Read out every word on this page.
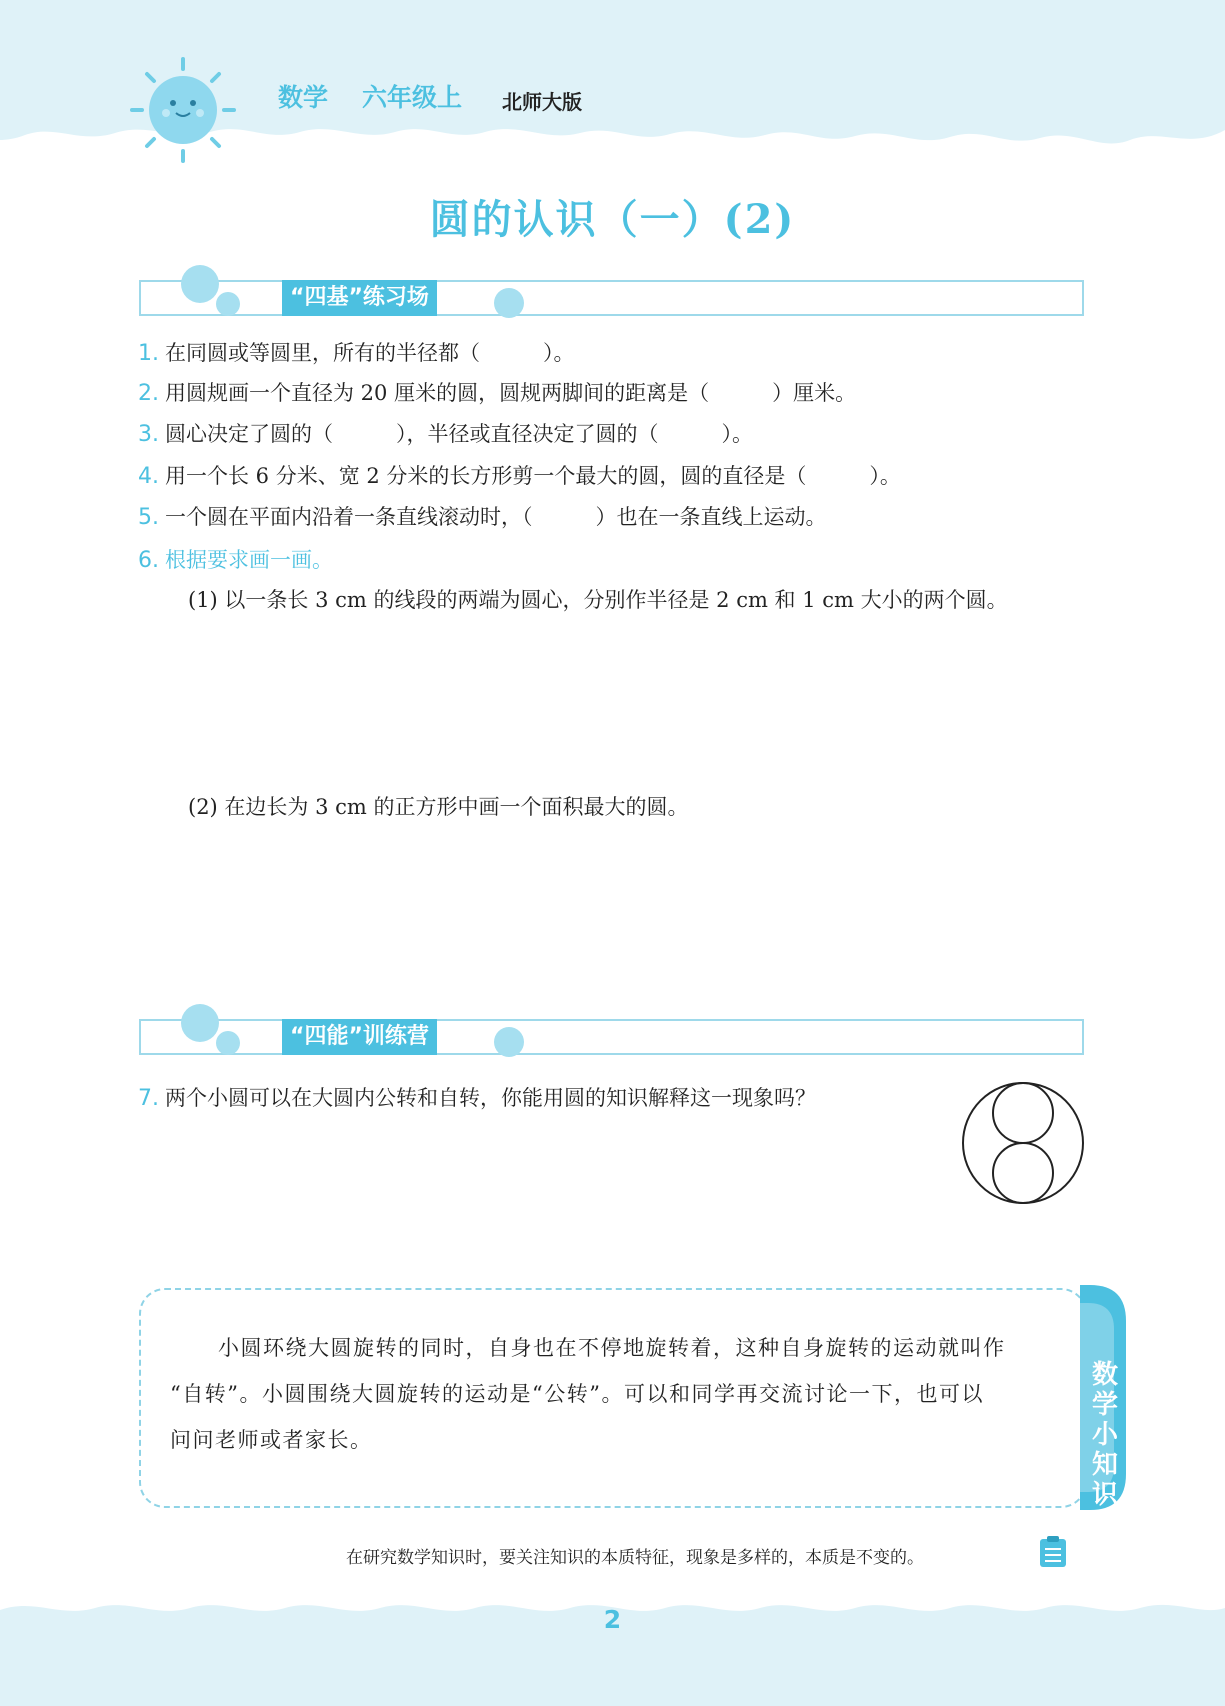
数学 六年级上 北师大版
圆的认识（一）(2)
“四基”练习场
1. 在同圆或等圆里，所有的半径都（　　　）。
2. 用圆规画一个直径为 20 厘米的圆，圆规两脚间的距离是（　　　）厘米。
3. 圆心决定了圆的（　　　），半径或直径决定了圆的（　　　）。
4. 用一个长 6 分米、宽 2 分米的长方形剪一个最大的圆，圆的直径是（　　　）。
5. 一个圆在平面内沿着一条直线滚动时，（　　　）也在一条直线上运动。
6. 根据要求画一画。
(1) 以一条长 3 cm 的线段的两端为圆心，分别作半径是 2 cm 和 1 cm 大小的两个圆。
(2) 在边长为 3 cm 的正方形中画一个面积最大的圆。
“四能”训练营
7. 两个小圆可以在大圆内公转和自转，你能用圆的知识解释这一现象吗？
数学小知识
小圆环绕大圆旋转的同时，自身也在不停地旋转着，这种自身旋转的运动就叫作
“自转”。小圆围绕大圆旋转的运动是“公转”。可以和同学再交流讨论一下，也可以
问问老师或者家长。
在研究数学知识时，要关注知识的本质特征，现象是多样的，本质是不变的。
2
